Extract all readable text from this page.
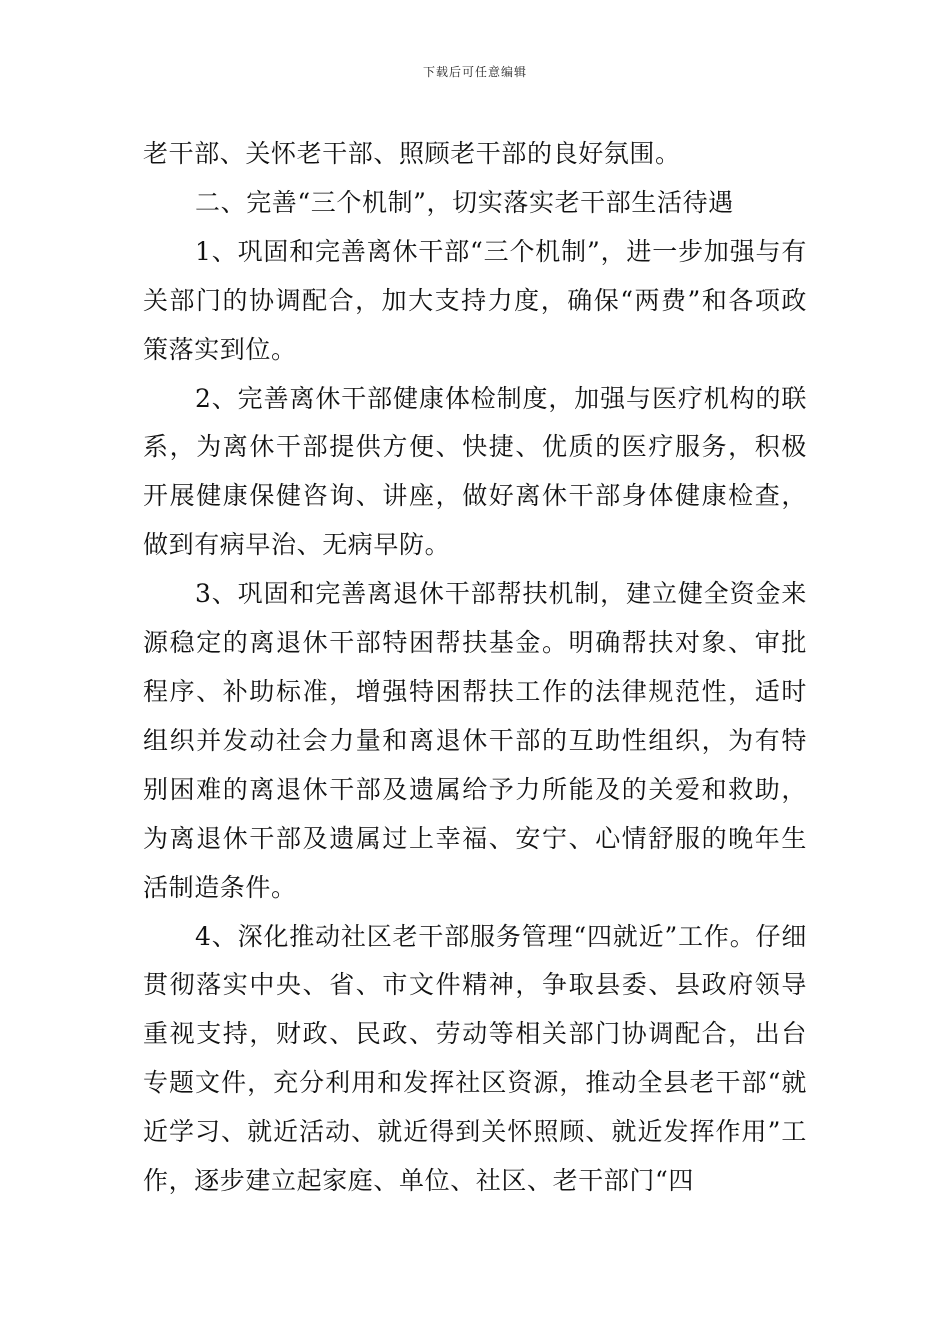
下载后可任意编辑

老干部、关怀老干部、照顾老干部的良好氛围。

二、完善“三个机制”，切实落实老干部生活待遇

1、巩固和完善离休干部“三个机制”，进一步加强与有关部门的协调配合，加大支持力度，确保“两费”和各项政策落实到位。

2、完善离休干部健康体检制度，加强与医疗机构的联系，为离休干部提供方便、快捷、优质的医疗服务，积极开展健康保健咨询、讲座，做好离休干部身体健康检查，做到有病早治、无病早防。

3、巩固和完善离退休干部帮扶机制，建立健全资金来源稳定的离退休干部特困帮扶基金。明确帮扶对象、审批程序、补助标准，增强特困帮扶工作的法律规范性，适时组织并发动社会力量和离退休干部的互助性组织，为有特别困难的离退休干部及遗属给予力所能及的关爱和救助，为离退休干部及遗属过上幸福、安宁、心情舒服的晚年生活制造条件。

4、深化推动社区老干部服务管理“四就近”工作。仔细贯彻落实中央、省、市文件精神，争取县委、县政府领导重视支持，财政、民政、劳动等相关部门协调配合，出台专题文件，充分利用和发挥社区资源，推动全县老干部“就近学习、就近活动、就近得到关怀照顾、就近发挥作用”工作，逐步建立起家庭、单位、社区、老干部门“四
